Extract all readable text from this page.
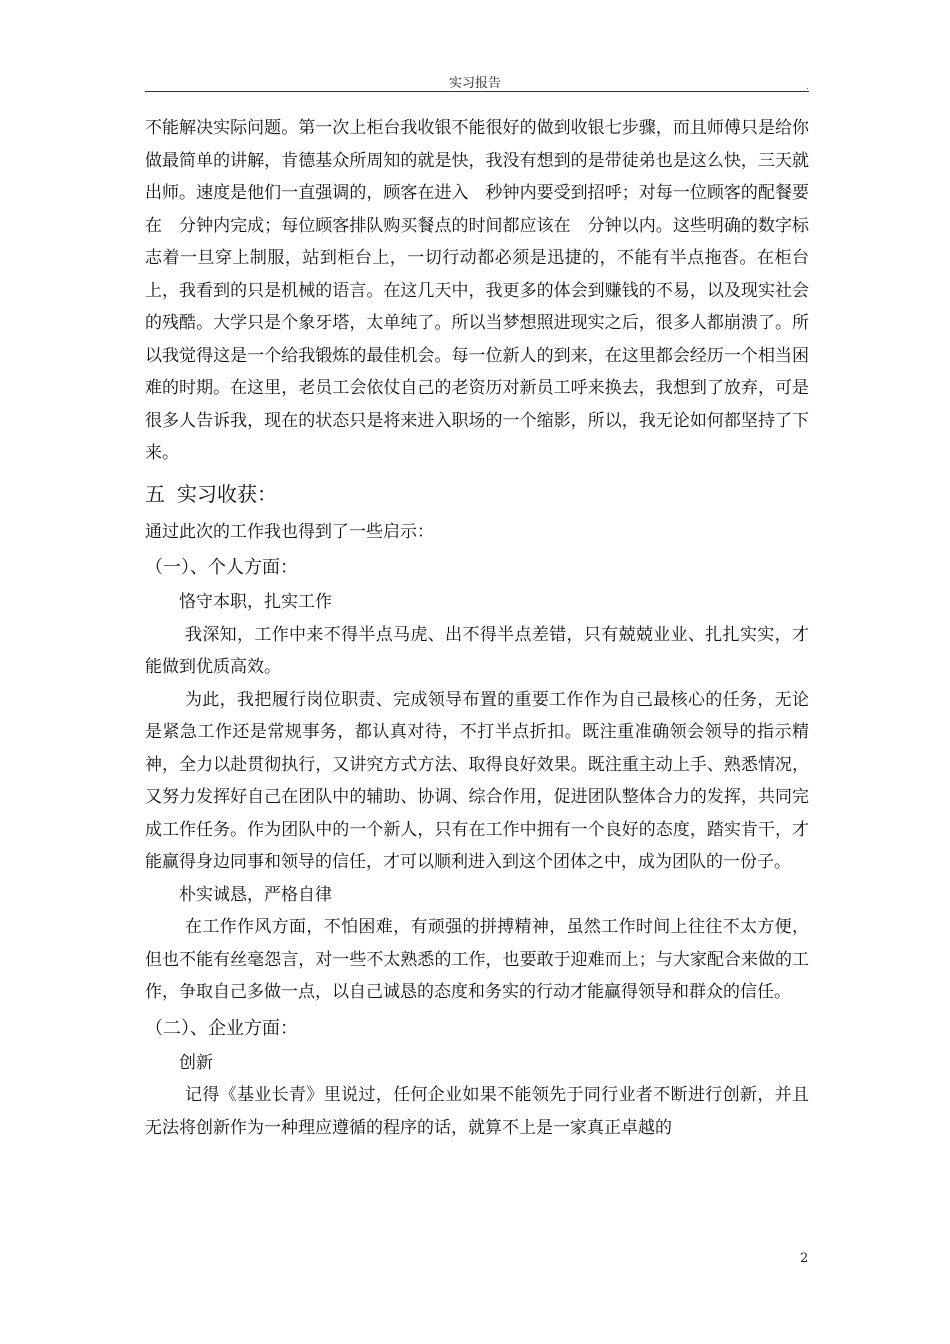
实习报告	.

不能解决实际问题。第一次上柜台我收银不能很好的做到收银七步骤，而且师傅只是给你做最简单的讲解，肯德基众所周知的就是快，我没有想到的是带徒弟也是这么快，三天就出师。速度是他们一直强调的，顾客在进入　秒钟内要受到招呼；对每一位顾客的配餐要在　分钟内完成；每位顾客排队购买餐点的时间都应该在　分钟以内。这些明确的数字标志着一旦穿上制服，站到柜台上，一切行动都必须是迅捷的，不能有半点拖沓。在柜台上，我看到的只是机械的语言。在这几天中，我更多的体会到赚钱的不易，以及现实社会的残酷。大学只是个象牙塔，太单纯了。所以当梦想照进现实之后，很多人都崩溃了。所以我觉得这是一个给我锻炼的最佳机会。每一位新人的到来，在这里都会经历一个相当困难的时期。在这里，老员工会依仗自己的老资历对新员工呼来换去，我想到了放弃，可是很多人告诉我，现在的状态只是将来进入职场的一个缩影，所以，我无论如何都坚持了下来。

五 实习收获：

通过此次的工作我也得到了一些启示：

（一）、个人方面：

恪守本职，扎实工作

我深知，工作中来不得半点马虎、出不得半点差错，只有兢兢业业、扎扎实实，才能做到优质高效。

为此，我把履行岗位职责、完成领导布置的重要工作作为自己最核心的任务，无论是紧急工作还是常规事务，都认真对待，不打半点折扣。既注重准确领会领导的指示精神，全力以赴贯彻执行，又讲究方式方法、取得良好效果。既注重主动上手、熟悉情况，又努力发挥好自己在团队中的辅助、协调、综合作用，促进团队整体合力的发挥，共同完成工作任务。作为团队中的一个新人，只有在工作中拥有一个良好的态度，踏实肯干，才能赢得身边同事和领导的信任，才可以顺利进入到这个团体之中，成为团队的一份子。

朴实诚恳，严格自律

在工作作风方面，不怕困难，有顽强的拼搏精神，虽然工作时间上往往不太方便，但也不能有丝毫怨言，对一些不太熟悉的工作，也要敢于迎难而上；与大家配合来做的工作，争取自己多做一点，以自己诚恳的态度和务实的行动才能赢得领导和群众的信任。

（二）、企业方面：

创新

记得《基业长青》里说过，任何企业如果不能领先于同行业者不断进行创新，并且无法将创新作为一种理应遵循的程序的话，就算不上是一家真正卓越的

2
